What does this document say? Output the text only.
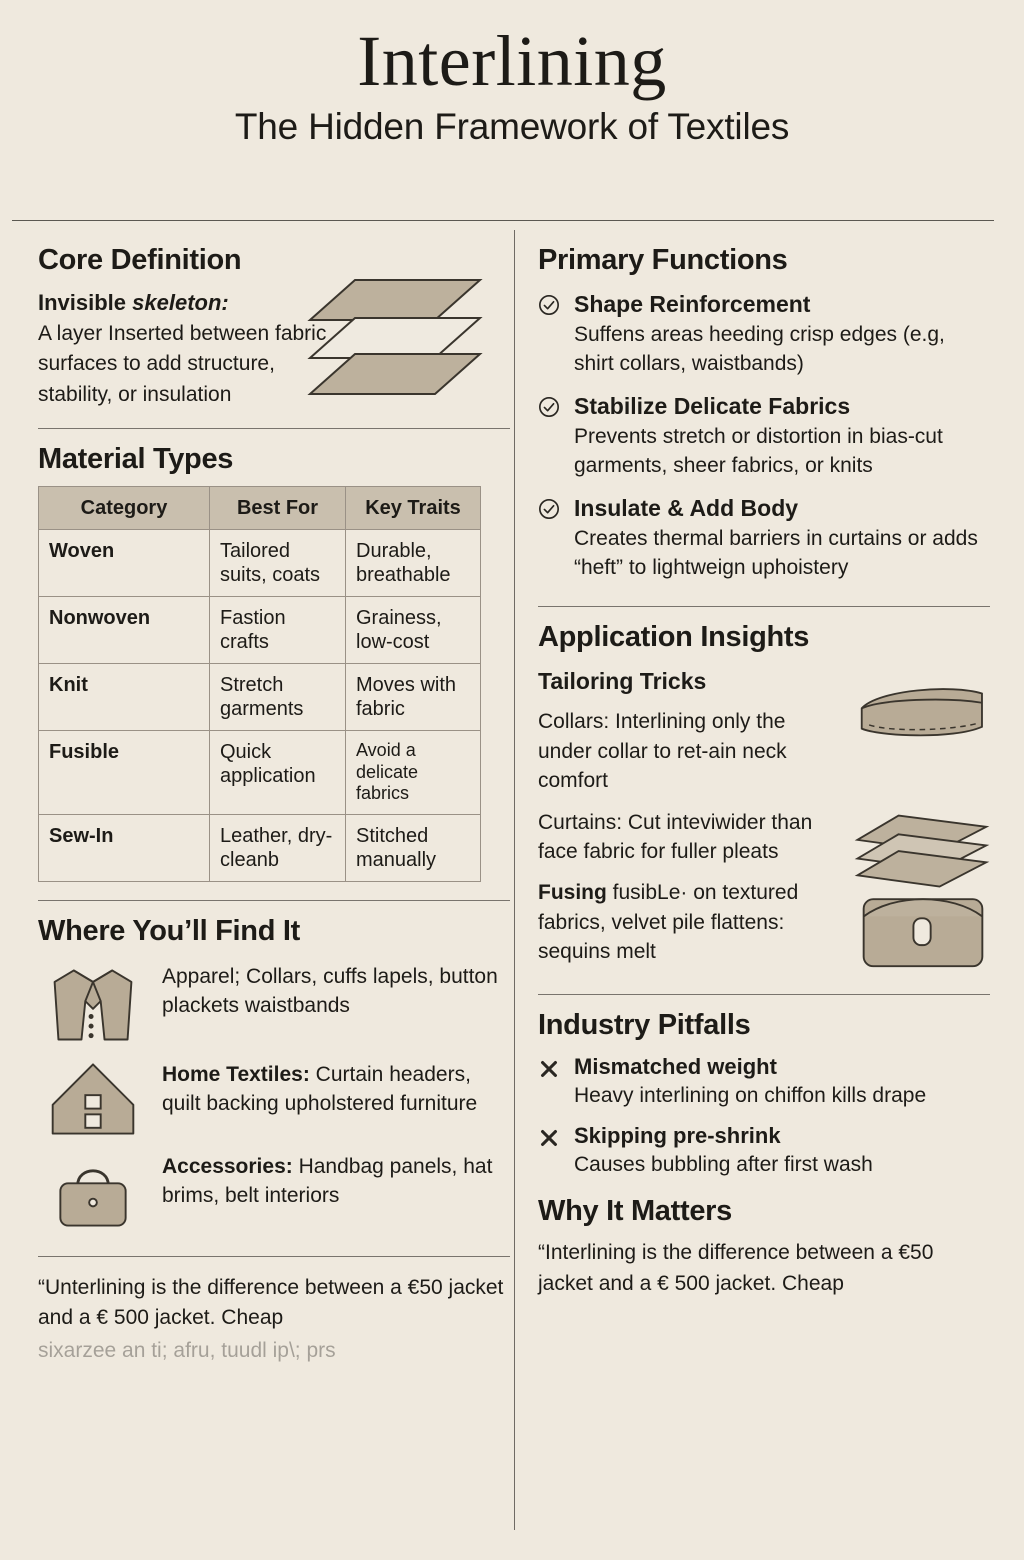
Interlining
The Hidden Framework of Textiles
Core Definition

Invisible skeleton:

A layer Inserted between fabric surfaces to add structure, stability, or insulation

Material Types
Category	Best For	Key Traits
Woven	Tailored suits, coats	Durable, breathable
Nonwoven	Fastion crafts	Grainess, low-cost
Knit	Stretch garments	Moves with fabric
Fusible	Quick application	Avoid a delicate fabrics
Sew-In	Leather, dry-cleanb	Stitched manually
Where You’ll Find It
Apparel; Collars, cuffs lapels, button plackets waistbands
Home Textiles: Curtain headers, quilt backing upholstered furniture
Accessories: Handbag panels, hat brims, belt interiors
“Unterlining is the difference between a €50 jacket and a € 500 jacket. Cheap
sixarzee an ti; afru, tuudl ip\; prs
Primary Functions
Shape Reinforcement
Suffens areas heeding crisp edges (e.g, shirt collars, waistbands)
Stabilize Delicate Fabrics
Prevents stretch or distortion in bias-cut garments, sheer fabrics, or knits
Insulate & Add Body
Creates thermal barriers in curtains or adds “heft” to lightweign uphoistery
Application Insights
Tailoring Tricks
Collars: Interlining only the under collar to ret-ain neck comfort
Curtains: Cut inteviwider than face fabric for fuller pleats
Fusing fusibLe· on textured fabrics, velvet pile flattens: sequins melt
Industry Pitfalls
Mismatched weight
Heavy interlining on chiffon kills drape
Skipping pre-shrink
Causes bubbling after first wash
Why It Matters
“Interlining is the difference between a €50 jacket and a € 500 jacket. Cheap
